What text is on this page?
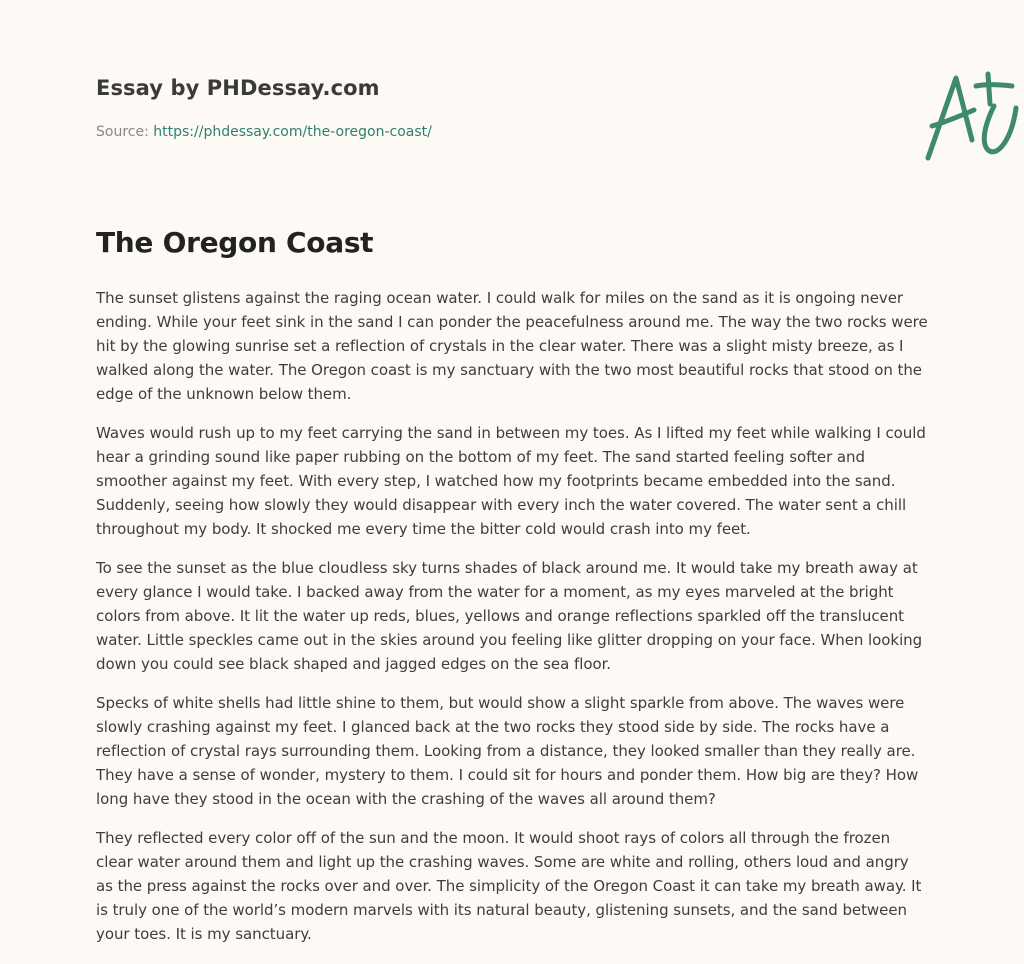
Essay by PHDessay.com
Source: https://phdessay.com/the-oregon-coast/
The Oregon Coast

The sunset glistens against the raging ocean water. I could walk for miles on the sand as it is ongoing never ending. While your feet sink in the sand I can ponder the peacefulness around me. The way the two rocks were hit by the glowing sunrise set a reflection of crystals in the clear water. There was a slight misty breeze, as I walked along the water. The Oregon coast is my sanctuary with the two most beautiful rocks that stood on the edge of the unknown below them.

Waves would rush up to my feet carrying the sand in between my toes. As I lifted my feet while walking I could hear a grinding sound like paper rubbing on the bottom of my feet. The sand started feeling softer and smoother against my feet. With every step, I watched how my footprints became embedded into the sand. Suddenly, seeing how slowly they would disappear with every inch the water covered. The water sent a chill throughout my body. It shocked me every time the bitter cold would crash into my feet.

To see the sunset as the blue cloudless sky turns shades of black around me. It would take my breath away at every glance I would take. I backed away from the water for a moment, as my eyes marveled at the bright colors from above. It lit the water up reds, blues, yellows and orange reflections sparkled off the translucent water. Little speckles came out in the skies around you feeling like glitter dropping on your face. When looking down you could see black shaped and jagged edges on the sea floor.

Specks of white shells had little shine to them, but would show a slight sparkle from above. The waves were slowly crashing against my feet. I glanced back at the two rocks they stood side by side. The rocks have a reflection of crystal rays surrounding them. Looking from a distance, they looked smaller than they really are. They have a sense of wonder, mystery to them. I could sit for hours and ponder them. How big are they? How long have they stood in the ocean with the crashing of the waves all around them?

They reflected every color off of the sun and the moon. It would shoot rays of colors all through the frozen clear water around them and light up the crashing waves. Some are white and rolling, others loud and angry as the press against the rocks over and over. The simplicity of the Oregon Coast it can take my breath away. It is truly one of the world’s modern marvels with its natural beauty, glistening sunsets, and the sand between your toes. It is my sanctuary.
